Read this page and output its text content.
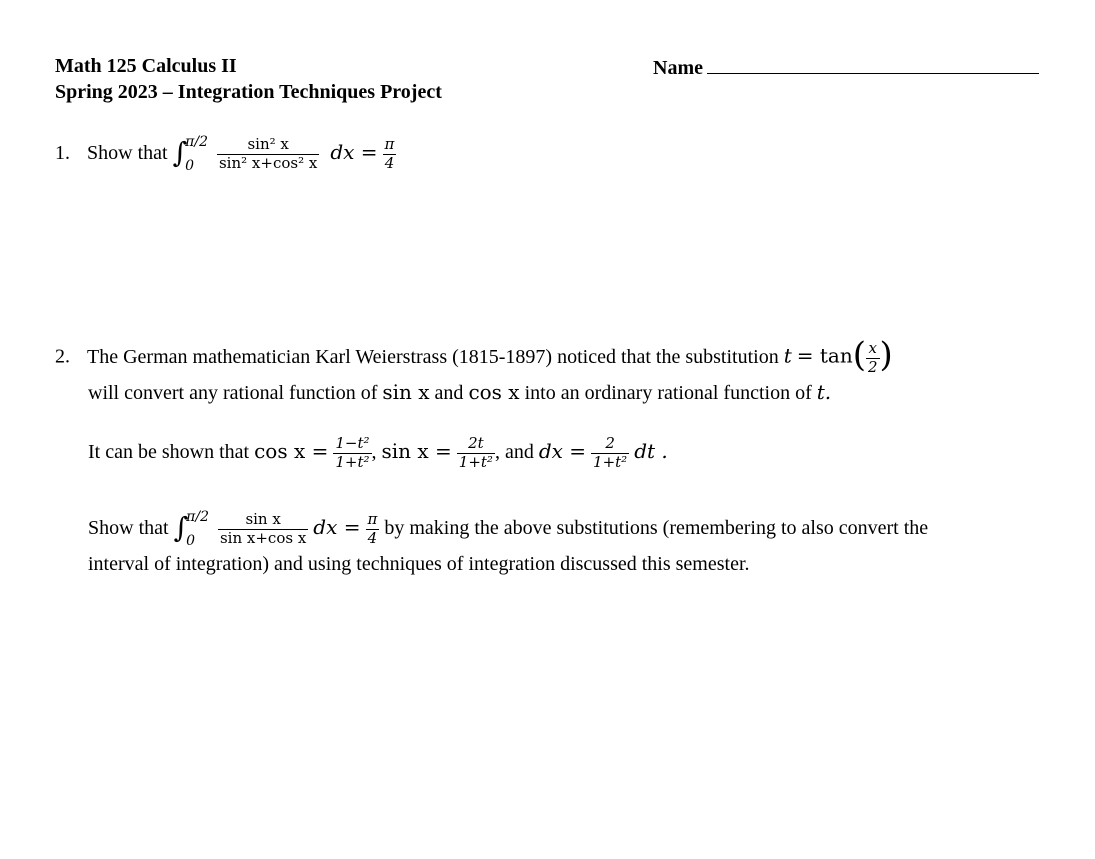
Math 125 Calculus II
Spring 2023 – Integration Techniques Project
Name
1. Show that ∫
π/2
0
	$\frac{\text{sin² x}}{\text{sin² x+cos² x}}$ dx = $\frac{\pi}{4}$
2. The German mathematician Karl Weierstrass (1815-1897) noticed that the substitution $t = \tan( \frac{x}{2}$ )
will convert any rational function of sin x and cos x into an ordinary rational function of t.
It can be shown that $\cos x = \frac{\text{1−t²}}{\text{1+t²}}$ , $\sin x = \frac{2t}{\text{1+t²}}$ , and dx = $\frac{2}{\text{1+t²}}$ dt .
Show that ∫
π/2
0
	$\frac{\text{sin x}}{\text{sin x+cos x}}$ dx = $\frac{\pi}{4}$ by making the above substitutions (remembering to also convert the
interval of integration) and using techniques of integration discussed this semester.
